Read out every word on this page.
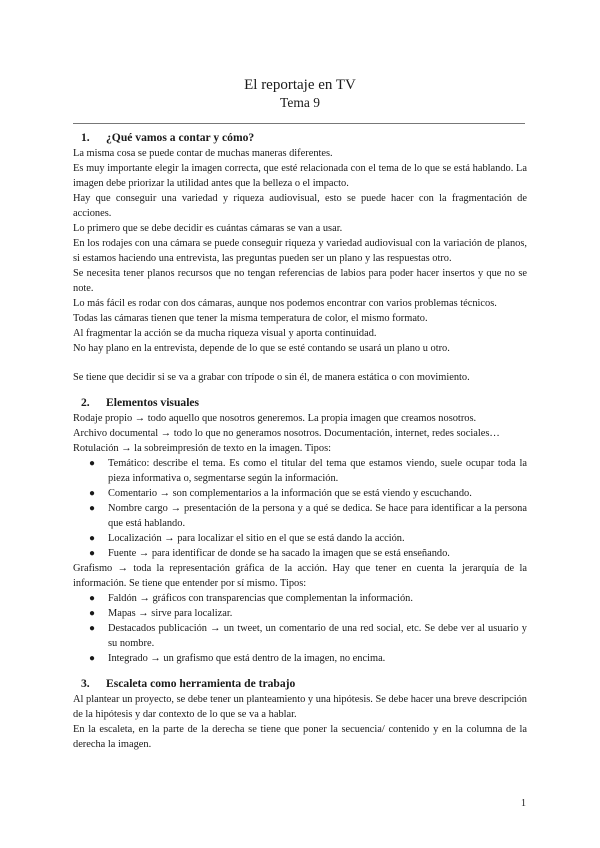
El reportaje en TV
Tema 9
1. ¿Qué vamos a contar y cómo?

La misma cosa se puede contar de muchas maneras diferentes.

Es muy importante elegir la imagen correcta, que esté relacionada con el tema de lo que se está hablando. La imagen debe priorizar la utilidad antes que la belleza o el impacto.

Hay que conseguir una variedad y riqueza audiovisual, esto se puede hacer con la fragmentación de acciones.

Lo primero que se debe decidir es cuántas cámaras se van a usar.

En los rodajes con una cámara se puede conseguir riqueza y variedad audiovisual con la variación de planos, si estamos haciendo una entrevista, las preguntas pueden ser un plano y las respuestas otro.

Se necesita tener planos recursos que no tengan referencias de labios para poder hacer insertos y que no se note.

Lo más fácil es rodar con dos cámaras, aunque nos podemos encontrar con varios problemas técnicos.

Todas las cámaras tienen que tener la misma temperatura de color, el mismo formato.

Al fragmentar la acción se da mucha riqueza visual y aporta continuidad.

No hay plano en la entrevista, depende de lo que se esté contando se usará un plano u otro.

Se tiene que decidir si se va a grabar con trípode o sin él, de manera estática o con movimiento.

2. Elementos visuales

Rodaje propio → todo aquello que nosotros generemos. La propia imagen que creamos nosotros.

Archivo documental → todo lo que no generamos nosotros. Documentación, internet, redes sociales…

Rotulación → la sobreimpresión de texto en la imagen. Tipos:

● Temático: describe el tema. Es como el titular del tema que estamos viendo, suele ocupar toda la pieza informativa o, segmentarse según la información.
● Comentario → son complementarios a la información que se está viendo y escuchando.
● Nombre cargo → presentación de la persona y a qué se dedica. Se hace para identificar a la persona que está hablando.
● Localización → para localizar el sitio en el que se está dando la acción.
● Fuente → para identificar de donde se ha sacado la imagen que se está enseñando.

Grafismo → toda la representación gráfica de la acción. Hay que tener en cuenta la jerarquía de la información. Se tiene que entender por sí mismo. Tipos:

● Faldón → gráficos con transparencias que complementan la información.
● Mapas → sirve para localizar.
● Destacados publicación → un tweet, un comentario de una red social, etc. Se debe ver al usuario y su nombre.
● Integrado → un grafismo que está dentro de la imagen, no encima.
3. Escaleta como herramienta de trabajo

Al plantear un proyecto, se debe tener un planteamiento y una hipótesis. Se debe hacer una breve descripción de la hipótesis y dar contexto de lo que se va a hablar.

En la escaleta, en la parte de la derecha se tiene que poner la secuencia/ contenido y en la columna de la derecha la imagen.

1
